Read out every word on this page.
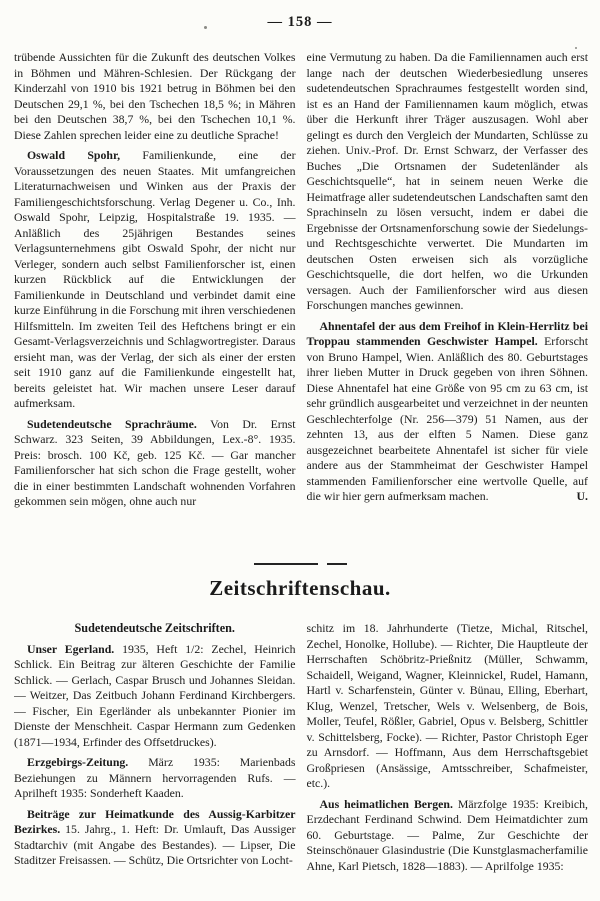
— 158 —

trübende Aussichten für die Zukunft des deutschen Volkes in Böhmen und Mähren-Schlesien. Der Rückgang der Kinderzahl von 1910 bis 1921 betrug in Böhmen bei den Deutschen 29,1 %, bei den Tschechen 18,5 %; in Mähren bei den Deutschen 38,7 %, bei den Tschechen 10,1 %. Diese Zahlen sprechen leider eine zu deutliche Sprache!

Oswald Spohr, Familienkunde, eine der Voraussetzungen des neuen Staates. Mit umfangreichen Literaturnachweisen und Winken aus der Praxis der Familiengeschichtsforschung. Verlag Degener u. Co., Inh. Oswald Spohr, Leipzig, Hospitalstraße 19. 1935. — Anläßlich des 25jährigen Bestandes seines Verlagsunternehmens gibt Oswald Spohr, der nicht nur Verleger, sondern auch selbst Familienforscher ist, einen kurzen Rückblick auf die Entwicklungen der Familienkunde in Deutschland und verbindet damit eine kurze Einführung in die Forschung mit ihren verschiedenen Hilfsmitteln. Im zweiten Teil des Heftchens bringt er ein Gesamt-Verlagsverzeichnis und Schlagwortregister. Daraus ersieht man, was der Verlag, der sich als einer der ersten seit 1910 ganz auf die Familienkunde eingestellt hat, bereits geleistet hat. Wir machen unsere Leser darauf aufmerksam.

Sudetendeutsche Sprachräume. Von Dr. Ernst Schwarz. 323 Seiten, 39 Abbildungen, Lex.-8°. 1935. Preis: brosch. 100 Kč, geb. 125 Kč. — Gar mancher Familienforscher hat sich schon die Frage gestellt, woher die in einer bestimmten Landschaft wohnenden Vorfahren gekommen sein mögen, ohne auch nur

eine Vermutung zu haben. Da die Familiennamen auch erst lange nach der deutschen Wiederbesiedlung unseres sudetendeutschen Sprachraumes festgestellt worden sind, ist es an Hand der Familiennamen kaum möglich, etwas über die Herkunft ihrer Träger auszusagen. Wohl aber gelingt es durch den Vergleich der Mundarten, Schlüsse zu ziehen. Univ.-Prof. Dr. Ernst Schwarz, der Verfasser des Buches „Die Ortsnamen der Sudetenländer als Geschichtsquelle“, hat in seinem neuen Werke die Heimatfrage aller sudetendeutschen Landschaften samt den Sprachinseln zu lösen versucht, indem er dabei die Ergebnisse der Ortsnamenforschung sowie der Siedelungs- und Rechtsgeschichte verwertet. Die Mundarten im deutschen Osten erweisen sich als vorzügliche Geschichtsquelle, die dort helfen, wo die Urkunden versagen. Auch der Familienforscher wird aus diesen Forschungen manches gewinnen.

Ahnentafel der aus dem Freihof in Klein-Herrlitz bei Troppau stammenden Geschwister Hampel. Erforscht von Bruno Hampel, Wien. Anläßlich des 80. Geburtstages ihrer lieben Mutter in Druck gegeben von ihren Söhnen. Diese Ahnentafel hat eine Größe von 95 cm zu 63 cm, ist sehr gründlich ausgearbeitet und verzeichnet in der neunten Geschlechterfolge (Nr. 256—379) 51 Namen, aus der zehnten 13, aus der elften 5 Namen. Diese ganz ausgezeichnet bearbeitete Ahnentafel ist sicher für viele andere aus der Stammheimat der Geschwister Hampel stammenden Familienforscher eine wertvolle Quelle, auf die wir hier gern aufmerksam machen.	U.

Zeitschriftenschau.

Sudetendeutsche Zeitschriften.

Unser Egerland. 1935, Heft 1/2: Zechel, Heinrich Schlick. Ein Beitrag zur älteren Geschichte der Familie Schlick. — Gerlach, Caspar Brusch und Johannes Sleidan. — Weitzer, Das Zeitbuch Johann Ferdinand Kirchbergers. — Fischer, Ein Egerländer als unbekannter Pionier im Dienste der Menschheit. Caspar Hermann zum Gedenken (1871—1934, Erfinder des Offsetdruckes).

Erzgebirgs-Zeitung. März 1935: Marienbads Beziehungen zu Männern hervorragenden Rufs. — Aprilheft 1935: Sonderheft Kaaden.

Beiträge zur Heimatkunde des Aussig-Karbitzer Bezirkes. 15. Jahrg., 1. Heft: Dr. Umlauft, Das Aussiger Stadtarchiv (mit Angabe des Bestandes). — Lipser, Die Staditzer Freisassen. — Schütz, Die Ortsrichter von Locht-

schitz im 18. Jahrhunderte (Tietze, Michal, Ritschel, Zechel, Honolke, Hollube). — Richter, Die Hauptleute der Herrschaften Schöbritz-Prießnitz (Müller, Schwamm, Schaidell, Weigand, Wagner, Kleinnickel, Rudel, Hamann, Hartl v. Scharfenstein, Günter v. Bünau, Elling, Eberhart, Klug, Wenzel, Tretscher, Wels v. Welsenberg, de Bois, Moller, Teufel, Rößler, Gabriel, Opus v. Belsberg, Schittler v. Schittelsberg, Focke). — Richter, Pastor Christoph Eger zu Arnsdorf. — Hoffmann, Aus dem Herrschaftsgebiet Großpriesen (Ansässige, Amtsschreiber, Schafmeister, etc.).

Aus heimatlichen Bergen. Märzfolge 1935: Kreibich, Erzdechant Ferdinand Schwind. Dem Heimatdichter zum 60. Geburtstage. — Palme, Zur Geschichte der Steinschönauer Glasindustrie (Die Kunstglasmacherfamilie Ahne, Karl Pietsch, 1828—1883). — Aprilfolge 1935:
